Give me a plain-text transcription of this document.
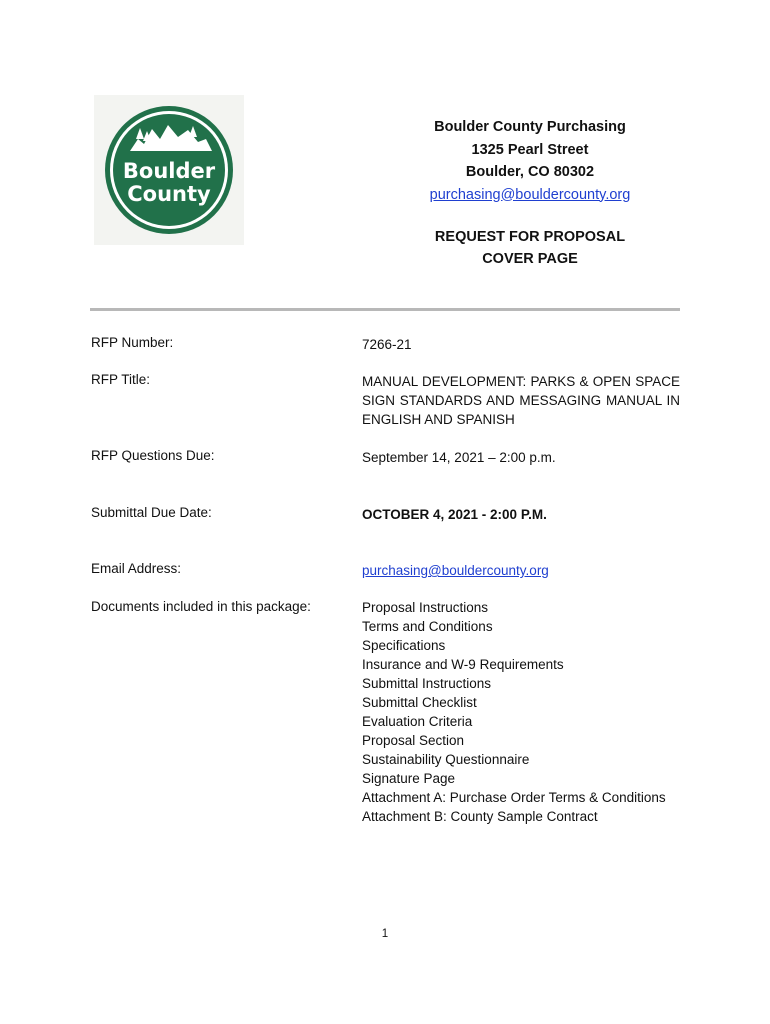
Boulder
County
Boulder County Purchasing
1325 Pearl Street
Boulder, CO 80302
purchasing@bouldercounty.org
REQUEST FOR PROPOSAL
COVER PAGE
RFP Number:	7266-21
RFP Title:	MANUAL DEVELOPMENT: PARKS & OPEN SPACE SIGN STANDARDS AND MESSAGING MANUAL IN ENGLISH AND SPANISH
RFP Questions Due:	September 14, 2021 – 2:00 p.m.
Submittal Due Date:	OCTOBER 4, 2021 - 2:00 P.M.
Email Address:	purchasing@bouldercounty.org
Documents included in this package:	Proposal Instructions
Terms and Conditions
Specifications
Insurance and W-9 Requirements
Submittal Instructions
Submittal Checklist
Evaluation Criteria
Proposal Section
Sustainability Questionnaire
Signature Page
Attachment A: Purchase Order Terms & Conditions
Attachment B: County Sample Contract
1
